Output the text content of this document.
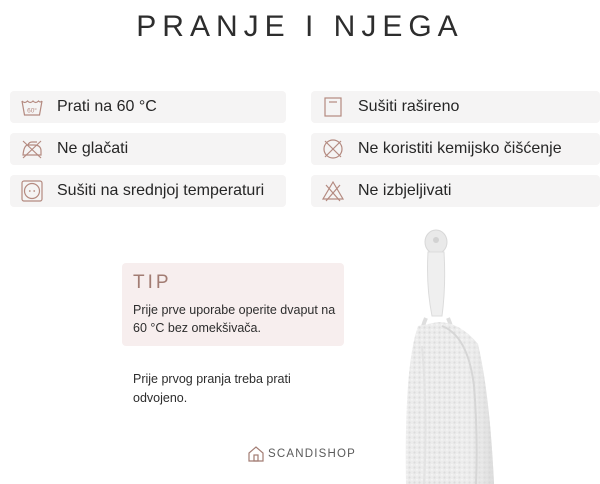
PRANJE I NJEGA
60° Prati na 60 °C	Sušiti rašireno
Ne glačati	Ne koristiti kemijsko čišćenje
Sušiti na srednjoj temperaturi	Ne izbjeljivati
TIP
Prije prve uporabe operite dvaput na 60 °C bez omekšivača.
Prije prvog pranja treba prati odvojeno.
SCANDISHOP
